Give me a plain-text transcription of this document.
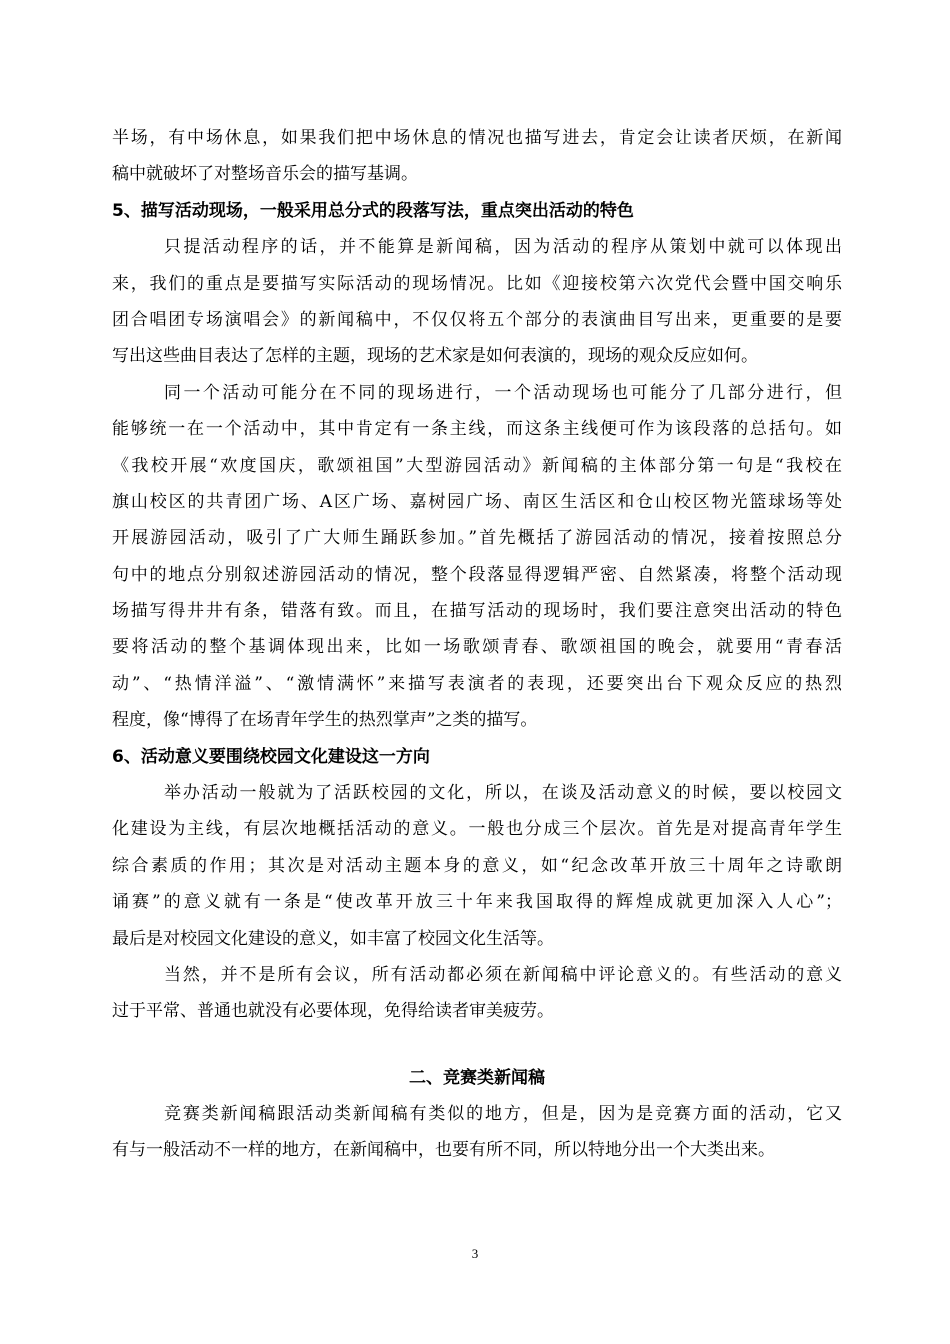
半场，有中场休息，如果我们把中场休息的情况也描写进去，肯定会让读者厌烦，在新闻
稿中就破坏了对整场音乐会的描写基调。
5、描写活动现场，一般采用总分式的段落写法，重点突出活动的特色
只提活动程序的话，并不能算是新闻稿，因为活动的程序从策划中就可以体现出
来，我们的重点是要描写实际活动的现场情况。比如《迎接校第六次党代会暨中国交响乐
团合唱团专场演唱会》的新闻稿中，不仅仅将五个部分的表演曲目写出来，更重要的是要
写出这些曲目表达了怎样的主题，现场的艺术家是如何表演的，现场的观众反应如何。
同一个活动可能分在不同的现场进行，一个活动现场也可能分了几部分进行，但
能够统一在一个活动中，其中肯定有一条主线，而这条主线便可作为该段落的总括句。如
《我校开展“欢度国庆，歌颂祖国”大型游园活动》新闻稿的主体部分第一句是“我校在
旗山校区的共青团广场、A区广场、嘉树园广场、南区生活区和仓山校区物光篮球场等处
开展游园活动，吸引了广大师生踊跃参加。”首先概括了游园活动的情况，接着按照总分
句中的地点分别叙述游园活动的情况，整个段落显得逻辑严密、自然紧凑，将整个活动现
场描写得井井有条，错落有致。而且，在描写活动的现场时，我们要注意突出活动的特色
要将活动的整个基调体现出来，比如一场歌颂青春、歌颂祖国的晚会，就要用“青春活
动”、“热情洋溢”、“激情满怀”来描写表演者的表现，还要突出台下观众反应的热烈
程度，像“博得了在场青年学生的热烈掌声”之类的描写。
6、活动意义要围绕校园文化建设这一方向
举办活动一般就为了活跃校园的文化，所以，在谈及活动意义的时候，要以校园文
化建设为主线，有层次地概括活动的意义。一般也分成三个层次。首先是对提高青年学生
综合素质的作用；其次是对活动主题本身的意义，如“纪念改革开放三十周年之诗歌朗
诵赛”的意义就有一条是“使改革开放三十年来我国取得的辉煌成就更加深入人心”；
最后是对校园文化建设的意义，如丰富了校园文化生活等。
当然，并不是所有会议，所有活动都必须在新闻稿中评论意义的。有些活动的意义
过于平常、普通也就没有必要体现，免得给读者审美疲劳。
二、竞赛类新闻稿
竞赛类新闻稿跟活动类新闻稿有类似的地方，但是，因为是竞赛方面的活动，它又
有与一般活动不一样的地方，在新闻稿中，也要有所不同，所以特地分出一个大类出来。
3
